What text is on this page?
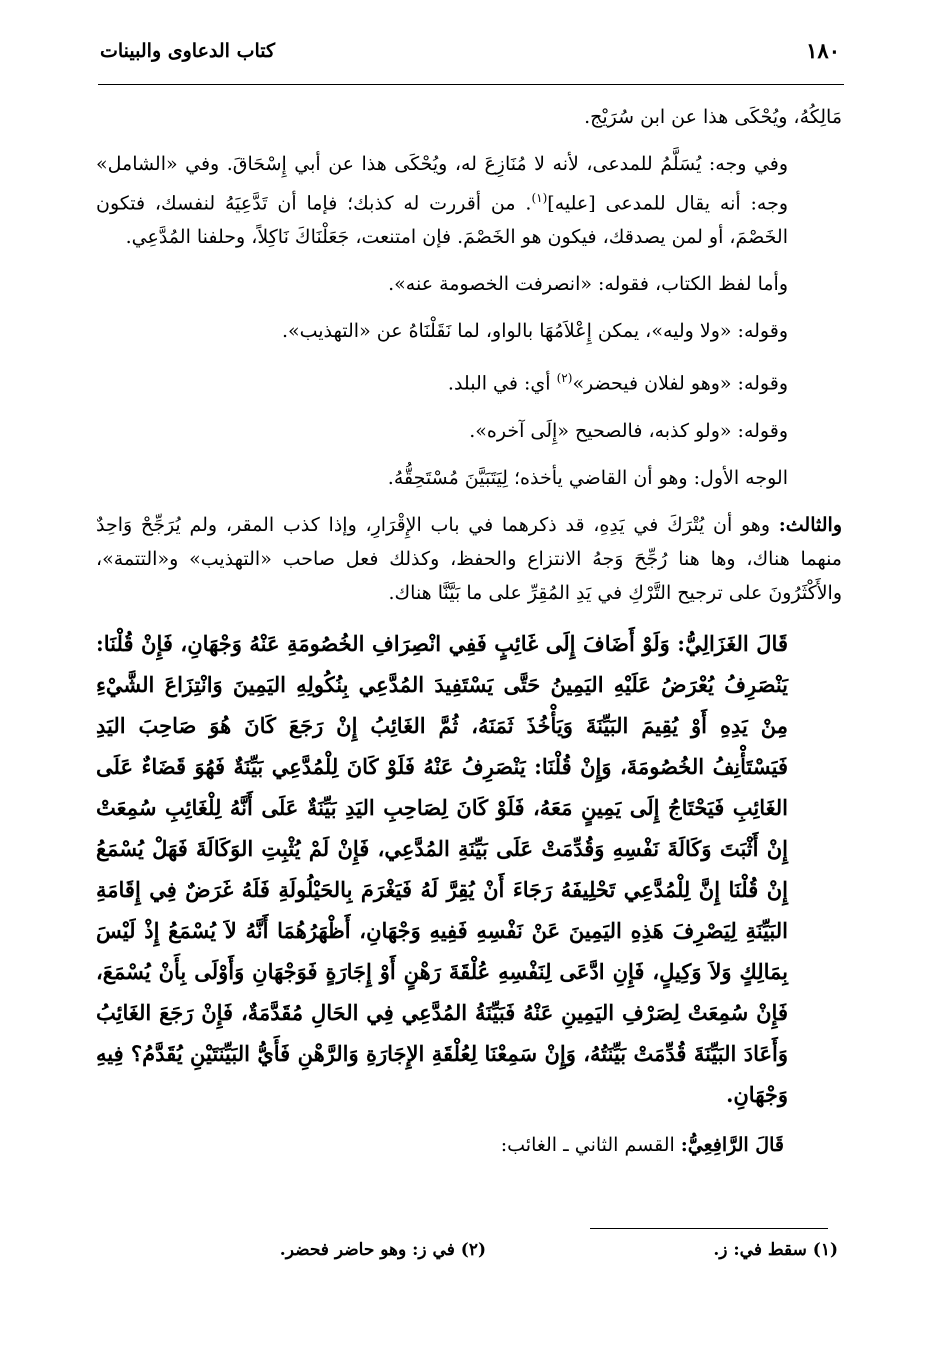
١٨٠
كتاب الدعاوى والبينات

مَالِكُهُ، ويُحْكَى هذا عن ابن سُرَيْج.

وفي وجه: يُسَلَّمُ للمدعى، لأنه لا مُنَازِعَ له، ويُحْكَى هذا عن أبي إِسْحَاقَ. وفي «الشامل» وجه: أنه يقال للمدعى [عليه]$^{(١)}$. من أقررت له كذبك؛ فإما أن تَدَّعِيَهُ لنفسك، فتكون الخَصْمَ، أو لمن يصدقك، فيكون هو الخَصْمَ. فإن امتنعت، جَعَلْنَاكَ نَاكِلاً، وحلفنا المُدَّعِي.

وأما لفظ الكتاب، فقوله: «انصرفت الخصومة عنه».

وقوله: «ولا وليه»، يمكن إِعْلاَمُهَا بالواو، لما نَقَلْنَاهُ عن «التهذيب».

وقوله: «وهو لفلان فيحضر»$^{(٢)}$ أي: في البلد.

وقوله: «ولو كذبه، فالصحيح «إِلَى آخره».

الوجه الأول: وهو أن القاضي يأخذه؛ لِيَتَبَيَّنَ مُسْتَحِقُّهُ.

والثالث: وهو أن يُتْرَكَ في يَدِهِ، قد ذكرهما في باب الإِقْرَارِ، وإذا كذب المقر، ولم يُرَجِّحْ وَاحِدٌ منهما هناك، وها هنا رُجِّحَ وَجهُ الانتزاع والحفظ، وكذلك فعل صاحب «التهذيب» و«التتمة»، والأَكْثَرُونَ على ترجيح التَّرْكِ في يَدِ المُقِرِّ على ما بَيَّنَّا هناك.

قَالَ الغَزَالِيُّ: وَلَوْ أَضَافَ إِلَى غَائِبٍ فَفِي انْصِرَافِ الخُصُومَةِ عَنْهُ وَجْهَانِ، فَإِنْ قُلْنَا: يَنْصَرِفُ يُعْرَضُ عَلَيْهِ اليَمِينُ حَتَّى يَسْتَفِيدَ المُدَّعِي بِنُكُولِهِ اليَمِينَ وَانْتِزَاعَ الشَّيْءِ مِنْ يَدِهِ أَوْ يُقِيمَ البَيِّنَةَ وَيَأْخُذَ ثَمَنَهُ، ثُمَّ الغَائِبُ إِنْ رَجَعَ كَانَ هُوَ صَاحِبَ اليَدِ فَيَسْتَأْنِفُ الخُصُومَةَ، وَإِنْ قُلْنَا: يَنْصَرِفُ عَنْهُ فَلَوْ كَانَ لِلْمُدَّعِي بَيِّنَةٌ فَهُوَ قَضَاءٌ عَلَى الغَائِبِ فَيَحْتَاجُ إِلَى يَمِينٍ مَعَهُ، فَلَوْ كَانَ لِصَاحِبِ اليَدِ بَيِّنَةٌ عَلَى أَنَّهُ لِلْغَائِبِ سُمِعَتْ إِنْ أَثْبَتَ وَكَالَةَ نَفْسِهِ وَقُدِّمَتْ عَلَى بَيِّنَةِ المُدَّعِي، فَإِنْ لَمْ يُثْبِتِ الوَكَالَةَ فَهَلْ يُسْمَعُ إِنْ قُلْنَا إِنَّ لِلْمُدَّعِي تَحْلِيفَهُ رَجَاءَ أَنْ يُقِرَّ لَهُ فَيَغْرَمَ بِالحَيْلُولَةِ فَلَهُ غَرَضٌ فِي إِقَامَةِ البَيِّنَةِ لِيَصْرِفَ هَذِهِ اليَمِينَ عَنْ نَفْسِهِ فَفِيهِ وَجْهَانِ، أَظْهَرُهُمَا أَنَّهُ لاَ يُسْمَعُ إِذْ لَيْسَ بِمَالِكٍ وَلاَ وَكِيلٍ، فَإِنِ ادَّعَى لِنَفْسِهِ عُلْقَةَ رَهْنٍ أَوْ إِجَارَةٍ فَوَجْهَانِ وَأَوْلَى بِأَنْ يُسْمَعَ، فَإِنْ سُمِعَتْ لِصَرْفِ اليَمِينِ عَنْهُ فَبَيِّنَةُ المُدَّعِي فِي الحَالِ مُقَدَّمَةٌ، فَإِنْ رَجَعَ الغَائِبُ وَأَعَادَ البَيِّنَةَ قُدِّمَتْ بَيِّنَتُهُ، وَإِنْ سَمِعْنَا لِعُلْقَةِ الإِجَارَةِ وَالرَّهْنِ فَأَيُّ البَيِّنَتَيْنِ يُقَدَّمُ؟ فِيهِ وَجْهَانِ.

قَالَ الرَّافِعِيُّ:القسم الثاني ـ الغائب:

(١) سقط في: ز.
(٢) في ز: وهو حاضر فحضر.
